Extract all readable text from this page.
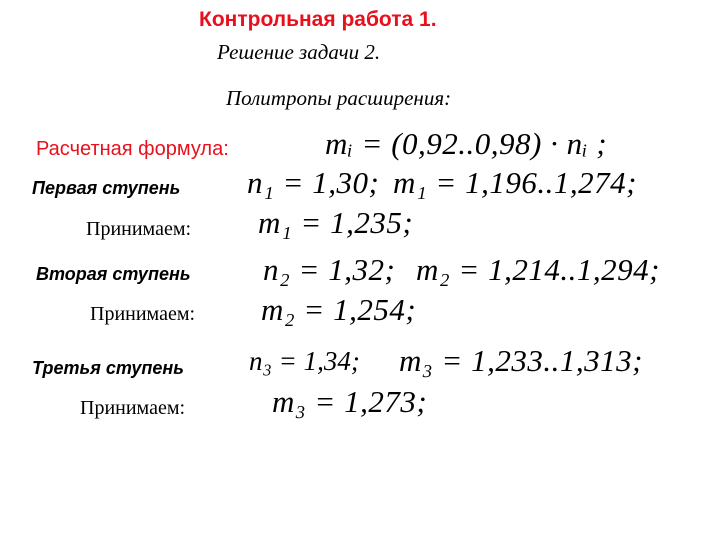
Контрольная работа 1.
Решение задачи 2.
Политропы расширения:
Расчетная формула:	mᵢ = (0,92..0,98) · nᵢ ;
Первая ступень n₁ = 1,30; m₁ = 1,196..1,274;
Принимаем: m₁ = 1,235;
Вторая ступень n₂ = 1,32; m₂ = 1,214..1,294;
Принимаем: m₂ = 1,254;
Третья ступень n₃ = 1,34; m₃ = 1,233..1,313;
Принимаем:	m₃ = 1,273;
